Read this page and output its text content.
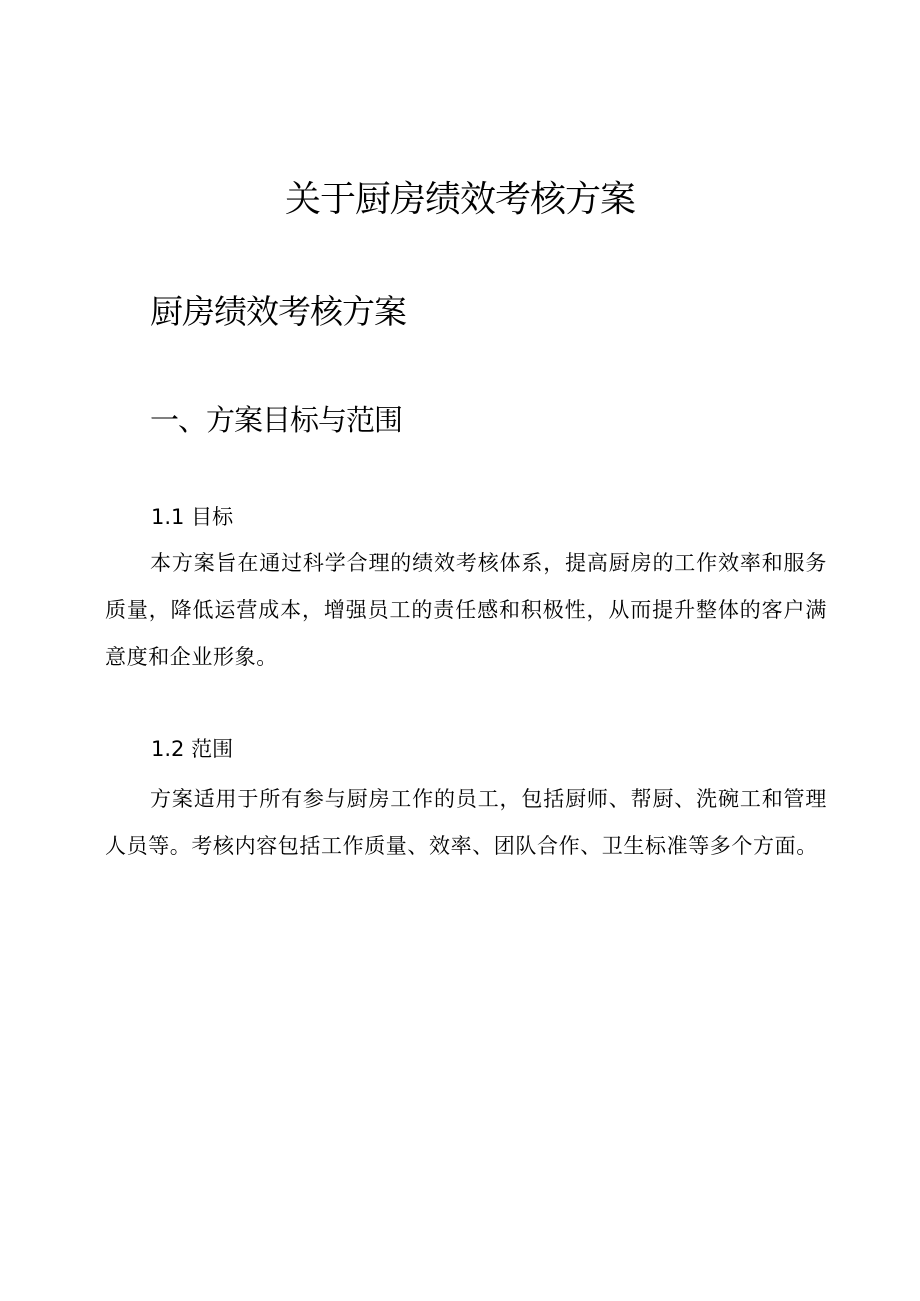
关于厨房绩效考核方案
厨房绩效考核方案
一、方案目标与范围
1.1 目标

本方案旨在通过科学合理的绩效考核体系，提高厨房的工作效率和服务质量，降低运营成本，增强员工的责任感和积极性，从而提升整体的客户满意度和企业形象。

1.2 范围

方案适用于所有参与厨房工作的员工，包括厨师、帮厨、洗碗工和管理人员等。考核内容包括工作质量、效率、团队合作、卫生标准等多个方面。
